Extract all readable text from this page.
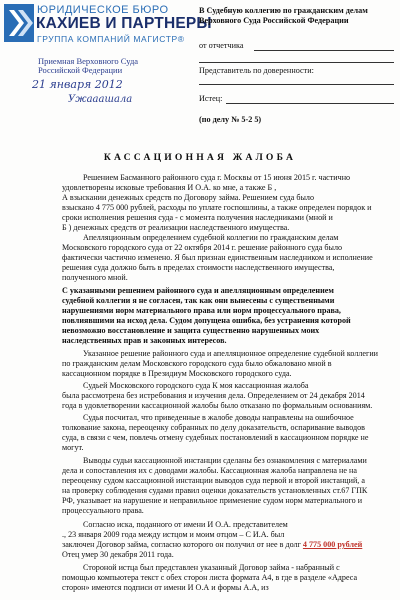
ЮРИДИЧЕСКОЕ БЮРО
КАХИЕВ И ПАРТНЕРЫ
ГРУППА КОМПАНИЙ МАГИСТР®
В Судебную коллегию по гражданским делам
Верховного Суда Российской Федерации
от отчетчика
Представитель по доверенности:
Истец:
(по делу № 5-2 5)
Приемная Верховного Суда
Российской Федерации
21 января 2012
Ужааашала
КАССАЦИОННАЯ ЖАЛОБА
Решением Басманного районного суда г. Москвы от 15 июня 2015 г. частично
удовлетворены исковые требования И О.А. ко мне, а также Б ,
А взыскании денежных средств по Договору займа. Решением суда было
взыскано 4 775 000 рублей, расходы по уплате госпошлины, а также определен порядок и
сроки исполнения решения суда - с момента получения наследниками (мной и
Б ) денежных средств от реализации наследственного имущества.
Апелляционным определением судебной коллегии по гражданским делам
Московского городского суда от 22 октября 2014 г. решение районного суда было
фактически частично изменено. Я был признан единственным наследником и исполнение
решения суда должно быть в пределах стоимости наследственного имущества,
полученного мной.
С указанными решением районного суда и апелляционным определением
судебной коллегии я не согласен, так как они вынесены с существенными
нарушениями норм материального права или норм процессуального права,
повлиявшими на исход дела. Судом допущена ошибка, без устранения которой
невозможно восстановление и защита существенно нарушенных моих
наследственных прав и законных интересов.
Указанное решение районного суда и апелляционное определение судебной коллегии
по гражданским делам Московского городского суда было обжаловано мной в
кассационном порядке в Президиум Московского городского суда.
Судьей Московского городского суда К моя кассационная жалоба
была рассмотрена без истребования и изучения дела. Определением от 24 декабря 2014
года в удовлетворении кассационной жалобы было отказано по формальным основаниям.
Судья посчитал, что приведенные в жалобе доводы направлены на ошибочное
толкование закона, переоценку собранных по делу доказательств, оспаривание выводов
суда, в связи с чем, повлечь отмену судебных постановлений в кассационном порядке не
могут.
Выводы судьи кассационной инстанции сделаны без ознакомления с материалами
дела и сопоставления их с доводами жалобы. Кассационная жалоба направлена не на
переоценку судом кассационной инстанции выводов суда первой и второй инстанций, а
на проверку соблюдения судами правил оценки доказательств установленных ст.67 ГПК
РФ, указывает на нарушение и неправильное применение судом норм материального и
процессуального права.
Согласно иска, поданного от имени И О.А. представителем
., 23 января 2009 года между истцом и моим отцом – С И.А. был
заключен Договор займа, согласно которого он получил от нее в долг 4 775 000 рублей
Отец умер 30 декабря 2011 года.
Стороной истца был представлен указанный Договор займа - набранный с
помощью компьютера текст с обех сторон листа формата А4, в где в разделе «Адреса
сторон» имеются подписи от имени И О.А и формы А.А, из
